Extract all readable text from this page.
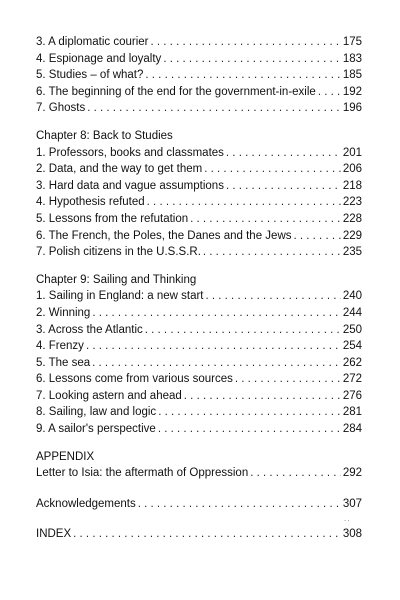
3. A diplomatic courier . . .	175
4. Espionage and loyalty . . .	183
5. Studies – of what? . . .	185
6. The beginning of the end for the government-in-exile . . . 192
7. Ghosts . . .	196
Chapter 8: Back to Studies
1. Professors, books and classmates . . .	201
2. Data, and the way to get them . . .	206
3. Hard data and vague assumptions . . .	218
4. Hypothesis refuted . . .	223
5. Lessons from the refutation . . .	228
6. The French, the Poles, the Danes and the Jews . . .	229
7. Polish citizens in the U.S.S.R. . . .	235
Chapter 9: Sailing and Thinking
1. Sailing in England: a new start . . .	240
2. Winning . . .	244
3. Across the Atlantic . . .	250
4. Frenzy . . .	254
5. The sea . . .	262
6. Lessons come from various sources . . .	272
7. Looking astern and ahead . . .	276
8. Sailing, law and logic . . .	281
9. A sailor's perspective . . .	284
APPENDIX
Letter to Isia: the aftermath of Oppression . . .	292
Acknowledgements . . .	307
INDEX . . .	308
..
